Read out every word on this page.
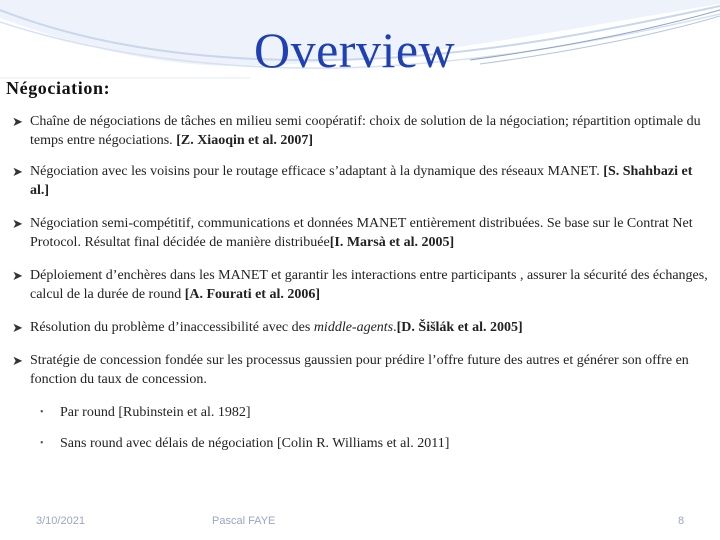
Overview
Négociation:
➤ Chaîne de négociations de tâches en milieu semi coopératif: choix de solution de la négociation; répartition optimale du temps entre négociations. [Z. Xiaoqin et al. 2007]
➤ Négociation avec les voisins pour le routage efficace s’adaptant à la dynamique des réseaux MANET. [S. Shahbazi et al.]
➤ Négociation semi-compétitif, communications et données MANET entièrement distribuées. Se base sur le Contrat Net Protocol. Résultat final décidée de manière distribuée[I. Marsà et al. 2005]
➤ Déploiement d’enchères dans les MANET et garantir les interactions entre participants , assurer la sécurité des échanges, calcul de la durée de round [A. Fourati et al. 2006]
➤ Résolution du problème d’inaccessibilité avec des middle-agents.[D. Šišlák et al. 2005]
➤ Stratégie de concession fondée sur les processus gaussien pour prédire l’offre future des autres et générer son offre en fonction du taux de concession.
• Par round [Rubinstein et al. 1982]
• Sans round avec délais de négociation [Colin R. Williams et al. 2011]
3/10/2021	Pascal FAYE	8
